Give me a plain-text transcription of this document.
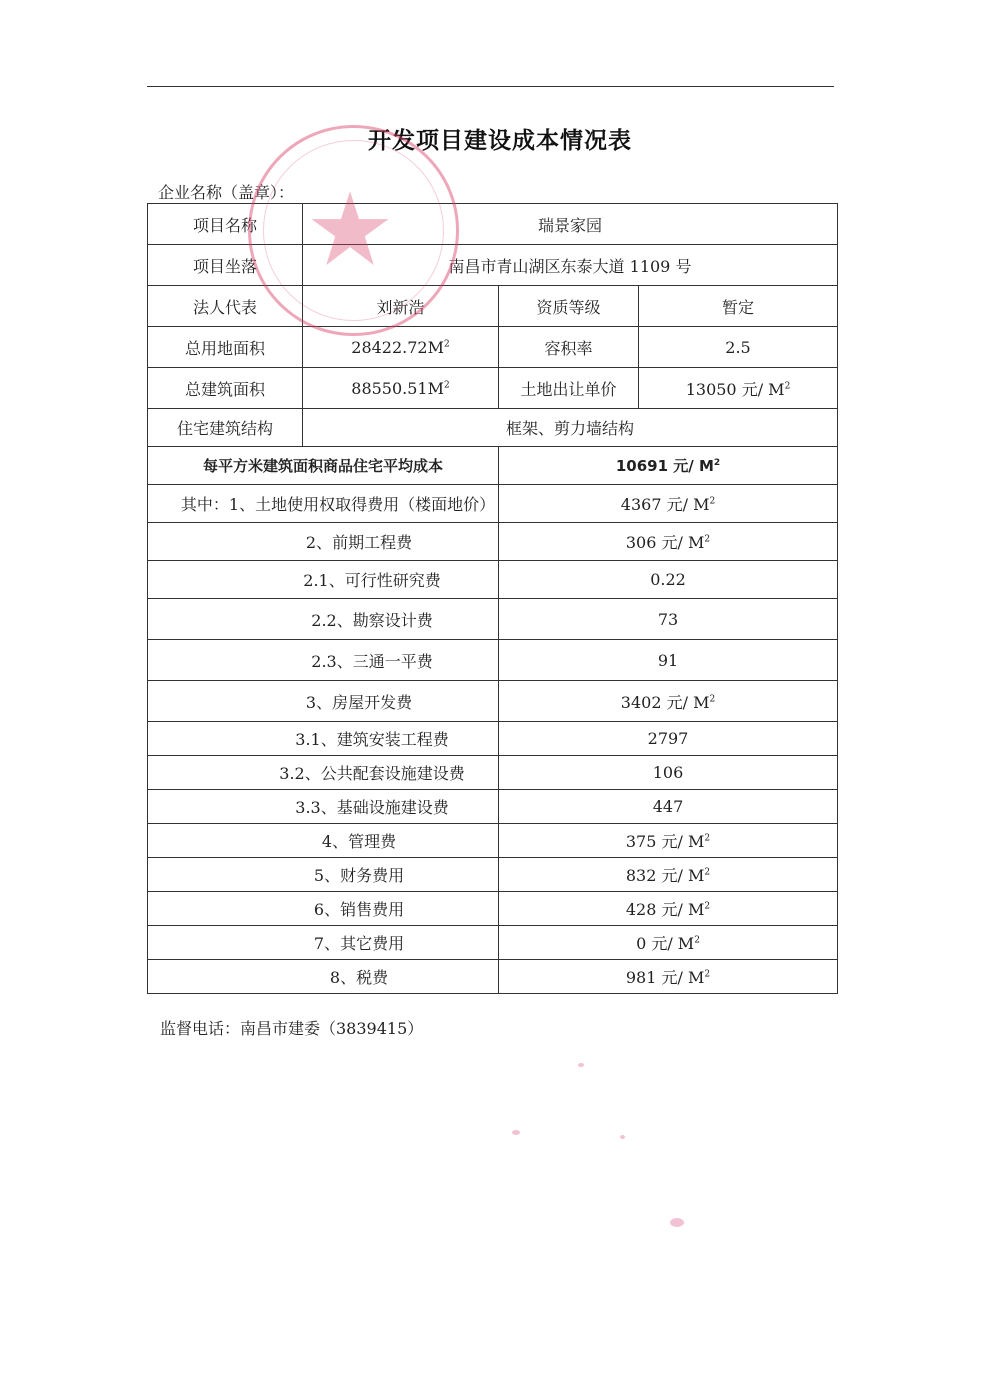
开发项目建设成本情况表
企业名称（盖章）：
项目名称	瑞景家园		
项目坐落	南昌市青山湖区东泰大道 1109 号		
法人代表	刘新浩	资质等级	暂定
总用地面积	$28422.72M^2$	容积率	2.5
总建筑面积	$88550.51M^2$	土地出让单价	13050 元/ $M^2$
住宅建筑结构	框架、剪力墙结构		
每平方米建筑面积商品住宅平均成本		10691 元/ $M^2$
其中：1、土地使用权取得费用（楼面地价）		4367 元/ $M^2$
2、前期工程费		306 元/ $M^2$
2.1、可行性研究费		0.22	
2.2、勘察设计费		73	
2.3、三通一平费		91	
3、房屋开发费		3402 元/ $M^2$
3.1、建筑安装工程费		2797	
3.2、公共配套设施建设费		106	
3.3、基础设施建设费		447	
4、管理费		375 元/ $M^2$
5、财务费用		832 元/ $M^2$
6、销售费用		428 元/ $M^2$
7、其它费用		0 元/ $M^2$
8、税费		981 元/ $M^2$
监督电话：南昌市建委（3839415）
